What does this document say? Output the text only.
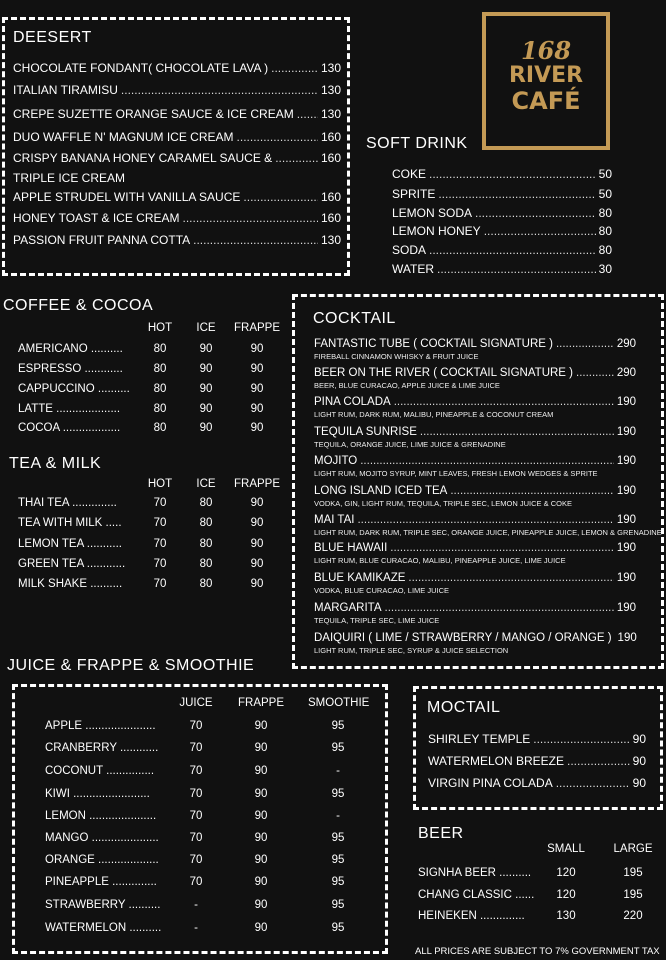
168
RIVER
CAFÉ
DEESERT
CHOCOLATE FONDANT( CHOCOLATE LAVA ) .....	130
ITALIAN TIRAMISU .....	130
CREPE SUZETTE ORANGE SAUCE & ICE CREAM ..... 130
DUO WAFFLE N' MAGNUM ICE CREAM .....	160
CRISPY BANANA HONEY CARAMEL SAUCE & .....	160
TRIPLE ICE CREAM
APPLE STRUDEL WITH VANILLA SAUCE .....	160
HONEY TOAST & ICE CREAM .....	160
PASSION FRUIT PANNA COTTA .....	130
SOFT DRINK
COKE .....	50
SPRITE .....	50
LEMON SODA .....	80
LEMON HONEY .....	80
SODA .....	80
WATER .....	30
COFFEE & COCOA
HOT	ICE	FRAPPE
AMERICANO ..........	80	90	90
ESPRESSO ............	80	90	90
CAPPUCCINO ..........	80	90	90
LATTE ....................	80	90	90
COCOA ..................	80	90	90
TEA & MILK
HOT	ICE	FRAPPE
THAI TEA ..............	70	80	90
TEA WITH MILK .....	70	80	90
LEMON TEA ...........	70	80	90
GREEN TEA ............	70	80	90
MILK SHAKE ..........	70	80	90
COCKTAIL
FANTASTIC TUBE ( COCKTAIL SIGNATURE ) .....	290
FIREBALL CINNAMON WHISKY & FRUIT JUICE
BEER ON THE RIVER ( COCKTAIL SIGNATURE ) .....	290
BEER, BLUE CURACAO, APPLE JUICE & LIME JUICE
PINA COLADA .....	190
LIGHT RUM, DARK RUM, MALIBU, PINEAPPLE & COCONUT CREAM
TEQUILA SUNRISE .....	190
TEQUILA, ORANGE JUICE, LIME JUICE & GRENADINE
MOJITO .....	190
LIGHT RUM, MOJITO SYRUP, MINT LEAVES, FRESH LEMON WEDGES & SPRITE
LONG ISLAND ICED TEA .....	190
VODKA, GIN, LIGHT RUM, TEQUILA, TRIPLE SEC, LEMON JUICE & COKE
MAI TAI .....	190
LIGHT RUM, DARK RUM, TRIPLE SEC, ORANGE JUICE, PINEAPPLE JUICE, LEMON & GRENADINE
BLUE HAWAII .....	190
LIGHT RUM, BLUE CURACAO, MALIBU, PINEAPPLE JUICE, LIME JUICE
BLUE KAMIKAZE .....	190
VODKA, BLUE CURACAO, LIME JUICE
MARGARITA .....	190
TEQUILA, TRIPLE SEC, LIME JUICE
DAIQUIRI ( LIME / STRAWBERRY / MANGO / ORANGE ) 190
LIGHT RUM, TRIPLE SEC, SYRUP & JUICE SELECTION
JUICE & FRAPPE & SMOOTHIE
JUICE	FRAPPE	SMOOTHIE
APPLE ......................	70	90	95
CRANBERRY ............	70	90	95
COCONUT ...............	70	90	-
KIWI ........................	70	90	95
LEMON .....................	70	90	-
MANGO .....................	70	90	95
ORANGE ...................	70	90	95
PINEAPPLE ..............	70	90	95
STRAWBERRY ..........	-	90	95
WATERMELON ..........	-	90	95
MOCTAIL
SHIRLEY TEMPLE .....	90
WATERMELON BREEZE .....	90
VIRGIN PINA COLADA .....	90
BEER
SMALL	LARGE
SIGNHA BEER ..........	120	195
CHANG CLASSIC ......	120	195
HEINEKEN ..............	130	220
ALL PRICES ARE SUBJECT TO 7% GOVERNMENT TAX
